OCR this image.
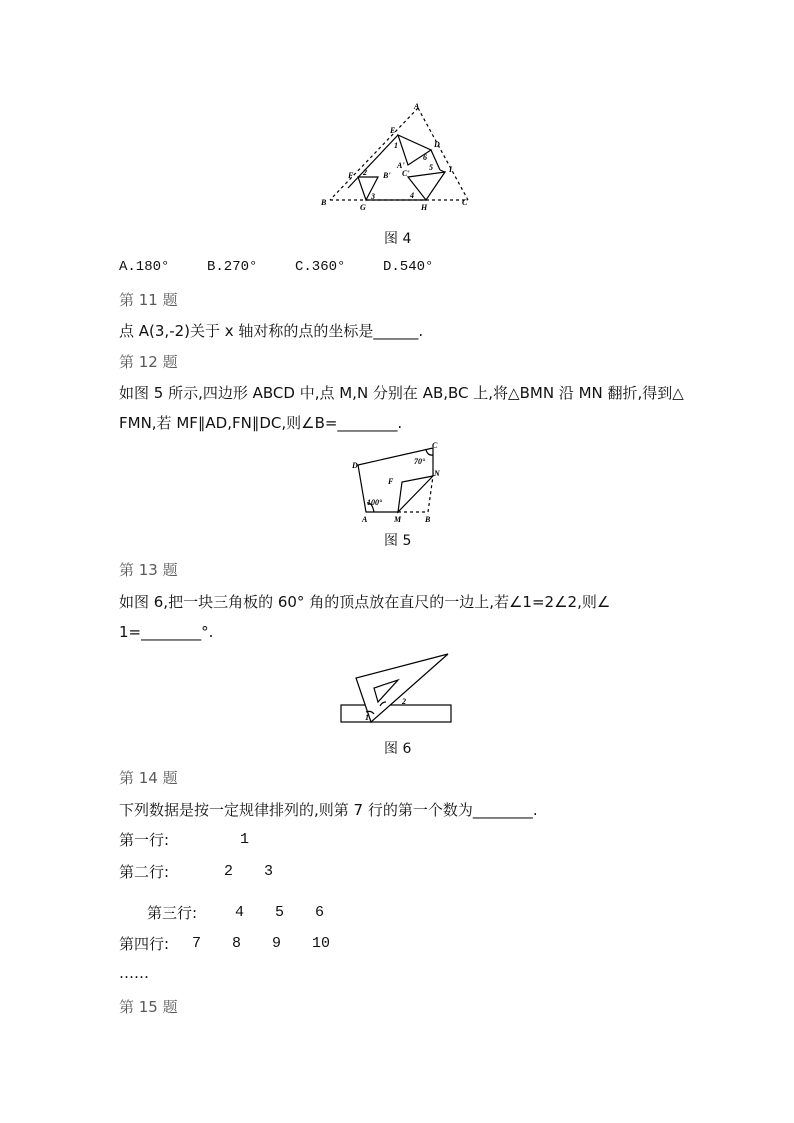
A
E
D
1
6
A'
F 2 B' C'
5 I
3	4
B
G	H
C
图 4
A.180°	B.270°	C.360°	D.540°
第 11 题
点 A(3,-2)关于 x 轴对称的点的坐标是______.
第 12 题
如图 5 所示,四边形 ABCD 中,点 M,N 分别在 AB,BC 上,将△BMN 沿 MN 翻折,得到△
FMN,若 MF∥AD,FN∥DC,则∠B=________.
C
D	70°
N
F
100°
A	M	B
图 5
第 13 题
如图 6,把一块三角板的 60° 角的顶点放在直尺的一边上,若∠1=2∠2,则∠
1=________°.
1
2
图 6
第 14 题
下列数据是按一定规律排列的,则第 7 行的第一个数为________.
第一行:	1
第二行:	2 3
第三行:	4 5 6
第四行: 7 8 9 10
……
第 15 题
